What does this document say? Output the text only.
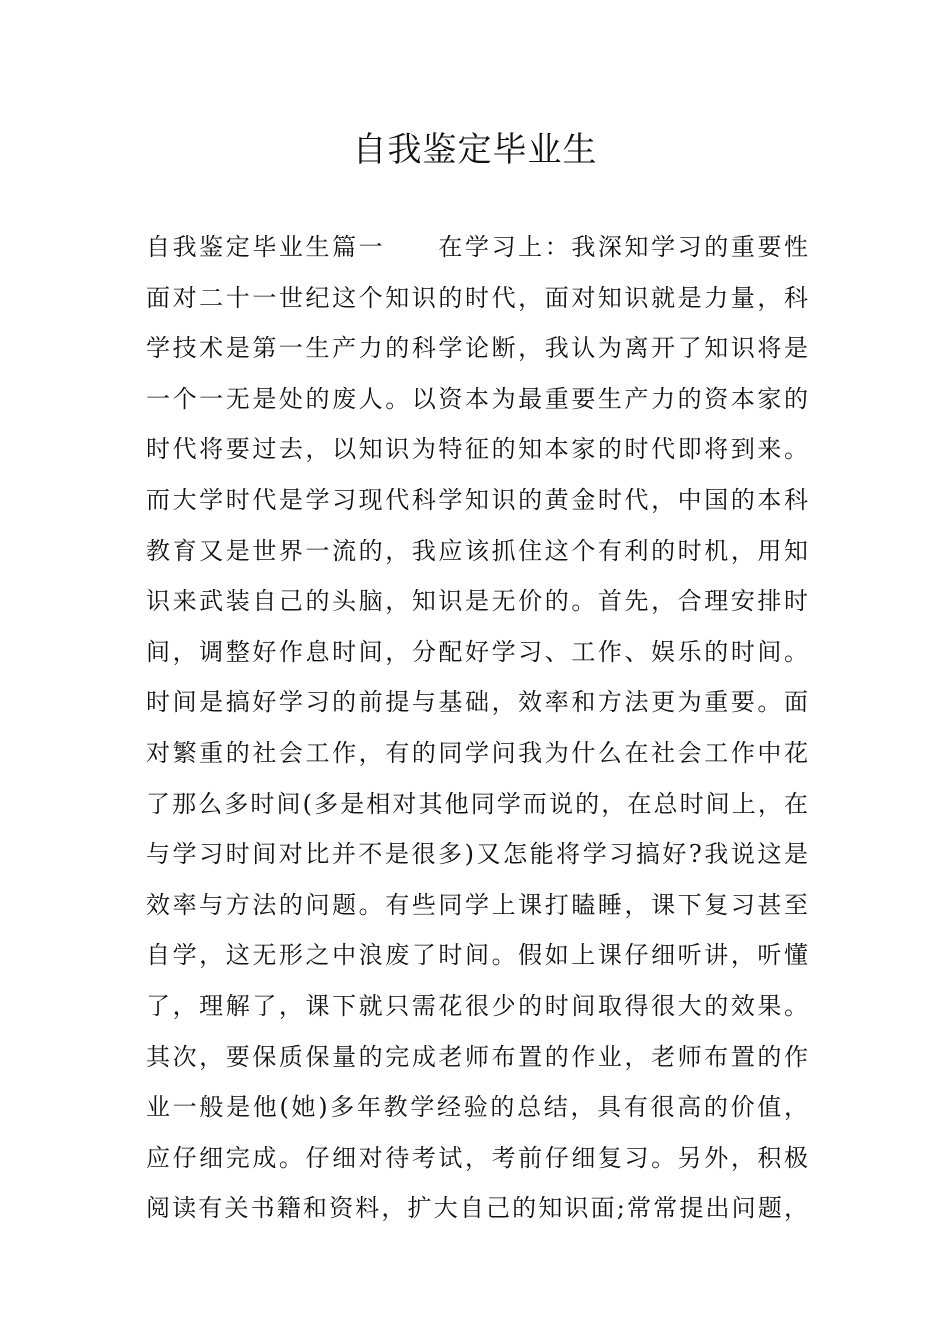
自我鉴定毕业生
自我鉴定毕业生篇一　　在学习上：我深知学习的重要性
面对二十一世纪这个知识的时代，面对知识就是力量，科
学技术是第一生产力的科学论断，我认为离开了知识将是
一个一无是处的废人。以资本为最重要生产力的资本家的
时代将要过去，以知识为特征的知本家的时代即将到来。
而大学时代是学习现代科学知识的黄金时代，中国的本科
教育又是世界一流的，我应该抓住这个有利的时机，用知
识来武装自己的头脑，知识是无价的。首先，合理安排时
间，调整好作息时间，分配好学习、工作、娱乐的时间。
时间是搞好学习的前提与基础，效率和方法更为重要。面
对繁重的社会工作，有的同学问我为什么在社会工作中花
了那么多时间(多是相对其他同学而说的，在总时间上，在
与学习时间对比并不是很多)又怎能将学习搞好?我说这是
效率与方法的问题。有些同学上课打瞌睡，课下复习甚至
自学，这无形之中浪废了时间。假如上课仔细听讲，听懂
了，理解了，课下就只需花很少的时间取得很大的效果。
其次，要保质保量的完成老师布置的作业，老师布置的作
业一般是他(她)多年教学经验的总结，具有很高的价值，
应仔细完成。仔细对待考试，考前仔细复习。另外，积极
阅读有关书籍和资料，扩大自己的知识面;常常提出问题，
